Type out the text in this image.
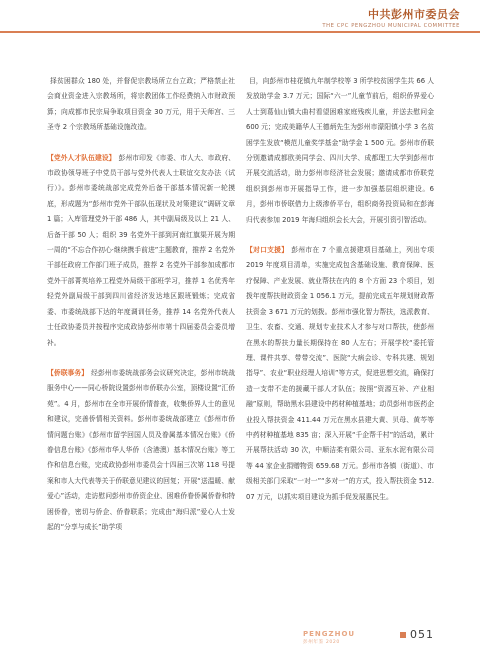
中共彭州市委员会
THE CPC PENGZHOU MUNICIPAL COMMITTEE

择贫困群众 180 处，并督促宗教场所立台立政；严格禁止社会商业资金进入宗教场所，将宗教团体工作经费纳入市财政预算；向成都市民宗局争取项目资金 30 万元，用于天师宫、三圣寺 2 个宗教场所基础设施改造。

【党外人才队伍建设】 彭州市印发《市委、市人大、市政府、市政协领导班子中党员干部与党外代表人士联谊交友办法（试行）》。彭州市委统战部完成党外后备干部基本情况新一轮摸底，形成题为“彭州市党外干部队伍现状及对策建议”调研文章 1 篇；入库管理党外干部 486 人，其中副局级及以上 21 人、后备干部 50 人；组织 39 名党外干部到河南红旗渠开展为期一周的“不忘合作初心·继续携手前进”主题教育，推荐 2 名党外干部任政府工作部门班子成员，推荐 2 名党外干部参加成都市党外干部菁英培养工程党外局级干部班学习，推荐 1 名优秀年轻党外副局级干部到四川省经济发达地区跟班锻炼；完成省委、市委统战部下达的年度调训任务，推荐 14 名党外代表人士任政协委员并按程序完成政协彭州市第十四届委员会委员增补。

【侨联事务】 经彭州市委统战部务会议研究决定，彭州市统战服务中心——同心桥院设置彭州市侨联办公室，顶楼设置“汇侨苑”。4 月，彭州市在全市开展侨情普查，收集侨界人士的意见和建议，完善侨情相关资料。彭州市委统战部建立《彭州市侨情问题台账》《彭州市留学回国人员及眷属基本情况台账》《侨眷信息台账》《彭州市华人华侨（含港澳）基本情况台账》等工作和信息台账，完成政协彭州市委员会十四届三次第 118 号提案和市人大代表等关于侨联意见建议的回复；开展“送温暖、献爱心”活动，走访慰问彭州市侨资企业、困难侨眷侨属侨眷和特困侨眷，密切与侨企、侨眷联系；完成由“海归派”爱心人士发起的“分享与成长”助学项

目，向彭州市桂花镇九年制学校等 3 所学校贫困学生共 66 人发放助学金 3.7 万元；国际“六一”儿童节前后，组织侨界爱心人士到葛仙山镇大曲村看望困难家庭残疾儿童，并送去慰问金 600 元；完成美籍华人王德炳先生为彭州市濛阳镇小学 3 名贫困学生发放“模范儿童奖学基金”助学金 1 500 元。彭州市侨联分别邀请成都欧美同学会、四川大学、成都理工大学到彭州市开展交流活动，助力彭州市经济社会发展；邀请成都市侨联党组织到彭州市开展指导工作，进一步加强基层组织建设。6 月，彭州市侨联借力上级渗侨平台，组织商务投资局和在彭海归代表参加 2019 年海归组织会长大会，开展引资引智活动。

【对口支援】 彭州市在 7 个重点援建项目基础上，列出专项 2019 年度项目清单，实施完成包含基础设施、教育保障、医疗保障、产业发展、就业帮扶在内的 8 个方面 23 个项目，划拨年度帮扶财政资金 1 056.1 万元，提前完成五年规划财政帮扶资金 3 671 万元的划拨。彭州市强化智力帮扶，选派教育、卫生、农畜、交通、规划专业技术人才参与对口帮扶，使彭州在黑水的帮扶力量长期保持在 80 人左右；开展学校“委托管理、课件共享、带带交流”、医院“大病会诊、专科共建、规划指导”、农业“职业经理人培训”等方式，促进思想交流，确保打造一支带不走的援藏干部人才队伍；按照“资源互补、产业相融”原则，帮助黑水县建设中药材种植基地；动员彭州市医药企业投入帮扶资金 411.44 万元在黑水县建大黄、贝母、黄芩等中药材种植基地 835 亩；深入开展“千企帮千村”的活动，累计开展帮扶活动 30 次，中顺洁柔有限公司、亚东水泥有限公司等 44 家企业捐赠物资 659.68 万元。彭州市各镇（街道）、市级相关部门采取“一对一”“多对一”的方式，投入帮扶资金 512.07 万元，以抓实项目建设为抓手促发展惠民生。

PENGZHOU
彭州年鉴 2020
051
